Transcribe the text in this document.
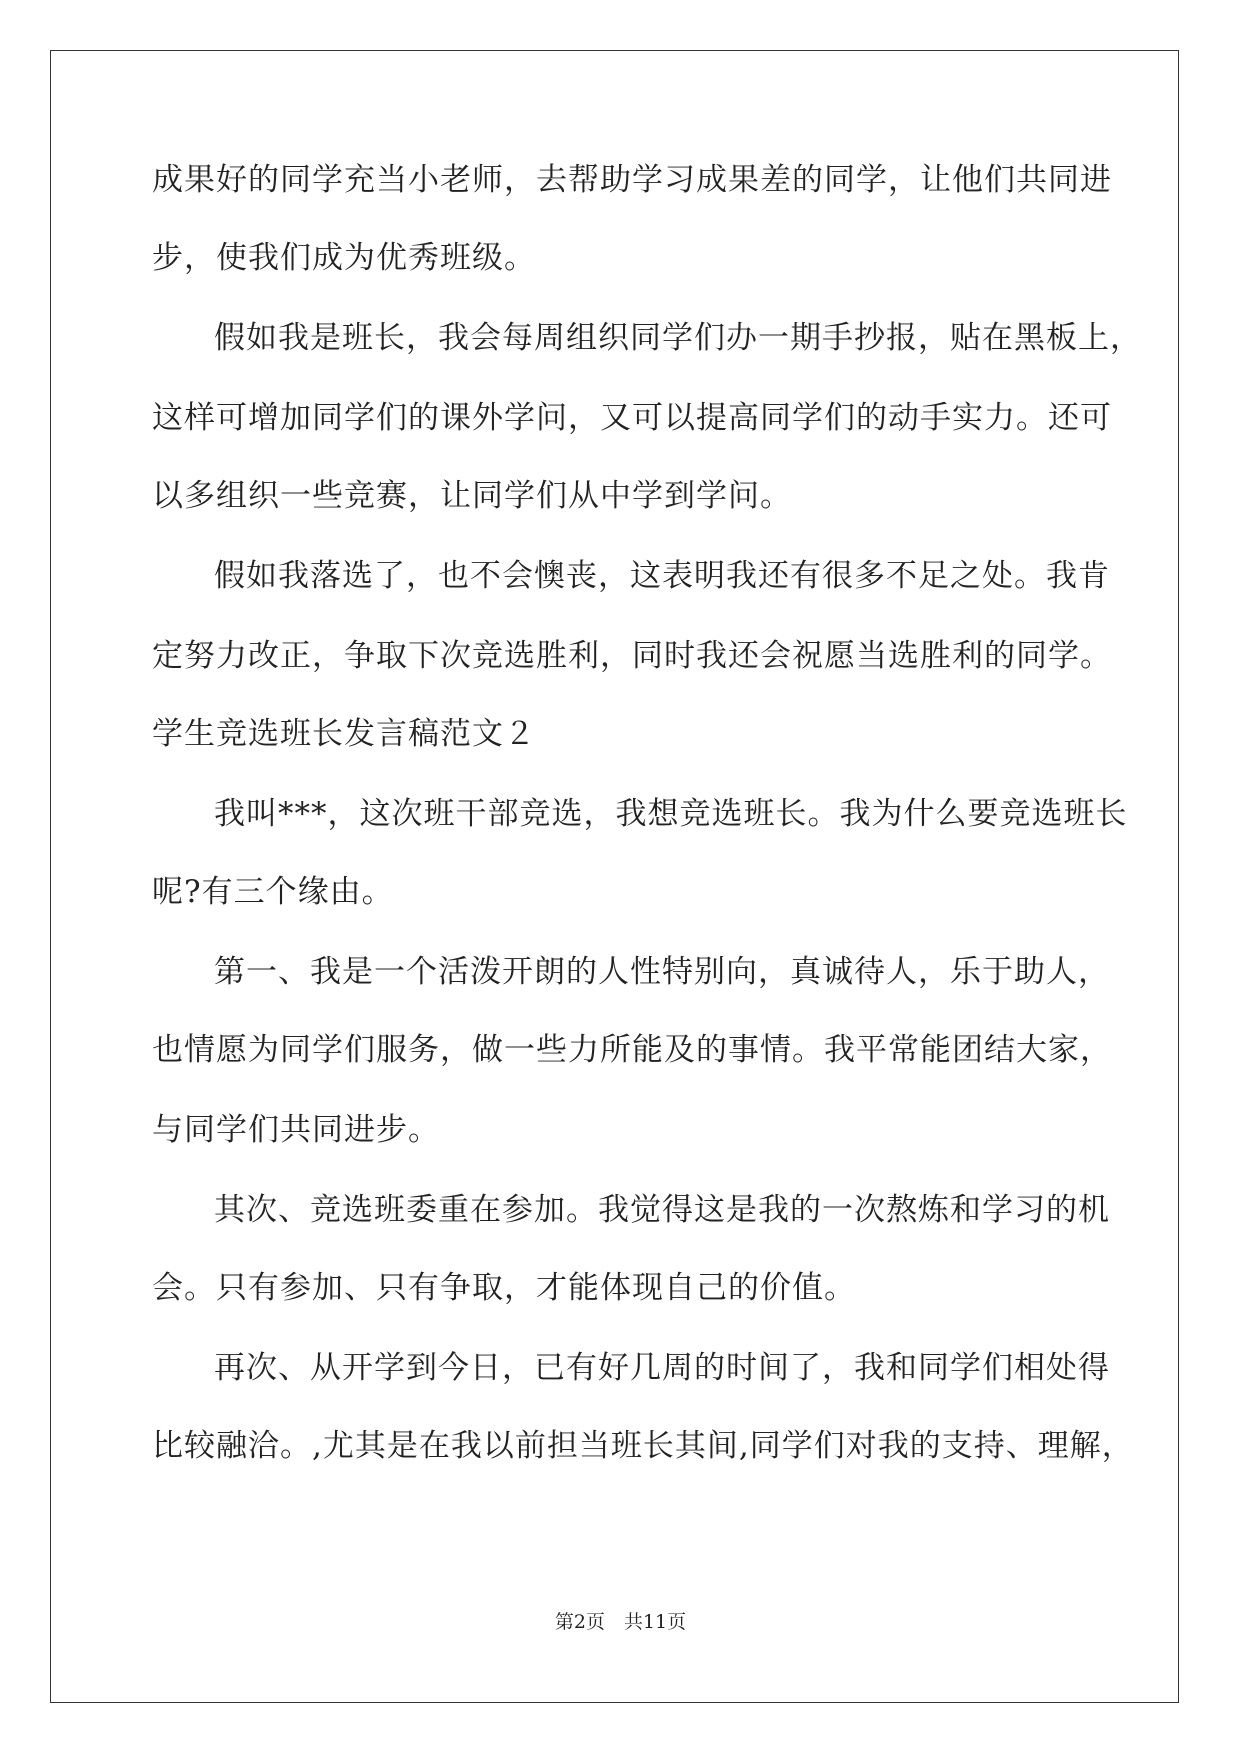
成果好的同学充当小老师，去帮助学习成果差的同学，让他们共同进
步，使我们成为优秀班级。
假如我是班长，我会每周组织同学们办一期手抄报，贴在黑板上，
这样可增加同学们的课外学问，又可以提高同学们的动手实力。还可
以多组织一些竞赛，让同学们从中学到学问。
假如我落选了，也不会懊丧，这表明我还有很多不足之处。我肯
定努力改正，争取下次竞选胜利，同时我还会祝愿当选胜利的同学。
学生竞选班长发言稿范文２
我叫***，这次班干部竞选，我想竞选班长。我为什么要竞选班长
呢?有三个缘由。
第一、我是一个活泼开朗的人性特别向，真诚待人，乐于助人，
也情愿为同学们服务，做一些力所能及的事情。我平常能团结大家，
与同学们共同进步。
其次、竞选班委重在参加。我觉得这是我的一次熬炼和学习的机
会。只有参加、只有争取，才能体现自己的价值。
再次、从开学到今日，已有好几周的时间了，我和同学们相处得
比较融洽。,尤其是在我以前担当班长其间,同学们对我的支持、理解，
第2页　共11页
